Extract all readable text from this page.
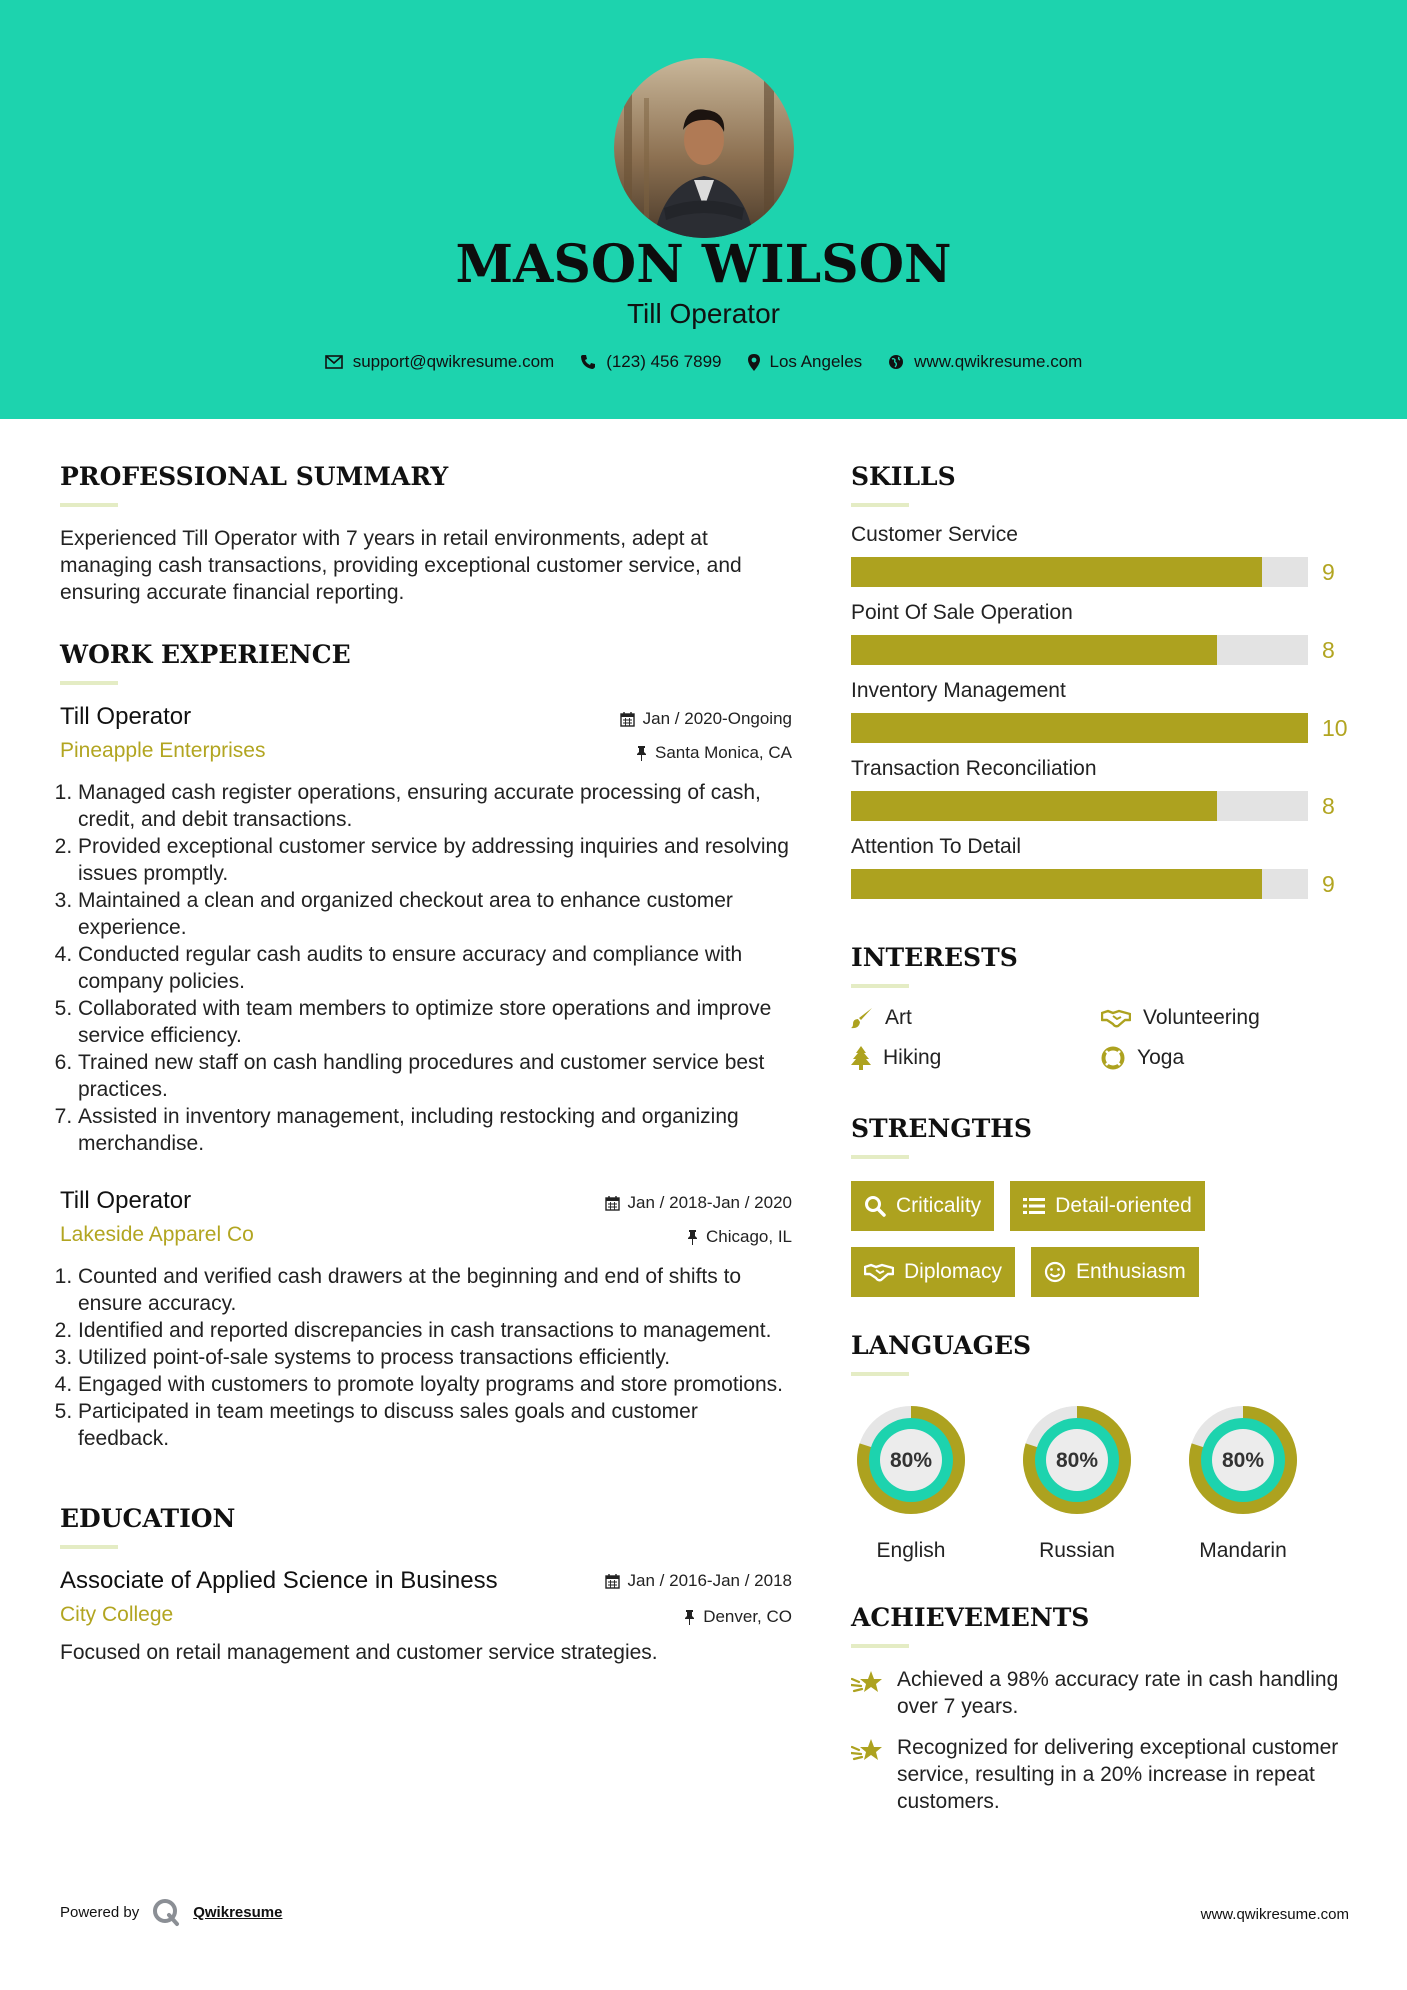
MASON WILSON
Till Operator
support@qwikresume.com	(123) 456 7899	Los Angeles	www.qwikresume.com
PROFESSIONAL SUMMARY

Experienced Till Operator with 7 years in retail environments, adept at managing cash transactions, providing exceptional customer service, and ensuring accurate financial reporting.

WORK EXPERIENCE
Till Operator	Jan / 2020-Ongoing
Pineapple Enterprises	Santa Monica, CA
1. Managed cash register operations, ensuring accurate processing of cash, credit, and debit transactions.
2. Provided exceptional customer service by addressing inquiries and resolving issues promptly.
3. Maintained a clean and organized checkout area to enhance customer experience.
4. Conducted regular cash audits to ensure accuracy and compliance with company policies.
5. Collaborated with team members to optimize store operations and improve service efficiency.
6. Trained new staff on cash handling procedures and customer service best practices.
7. Assisted in inventory management, including restocking and organizing merchandise.
Till Operator	Jan / 2018-Jan / 2020
Lakeside Apparel Co	Chicago, IL
1. Counted and verified cash drawers at the beginning and end of shifts to ensure accuracy.
2. Identified and reported discrepancies in cash transactions to management.
3. Utilized point-of-sale systems to process transactions efficiently.
4. Engaged with customers to promote loyalty programs and store promotions.
5. Participated in team meetings to discuss sales goals and customer feedback.
EDUCATION
Associate of Applied Science in Business	Jan / 2016-Jan / 2018
City College	Denver, CO

Focused on retail management and customer service strategies.

SKILLS
Customer Service
9
Point Of Sale Operation
8
Inventory Management
10
Transaction Reconciliation
8
Attention To Detail
9
INTERESTS
Art	Volunteering
Hiking	Yoga
STRENGTHS
Criticality	Detail-oriented
Diplomacy	Enthusiasm
LANGUAGES
80%
English
80%
Russian
80%
Mandarin
ACHIEVEMENTS
Achieved a 98% accuracy rate in cash handling over 7 years.
Recognized for delivering exceptional customer service, resulting in a 20% increase in repeat customers.
Powered by	Qwikresume	www.qwikresume.com
